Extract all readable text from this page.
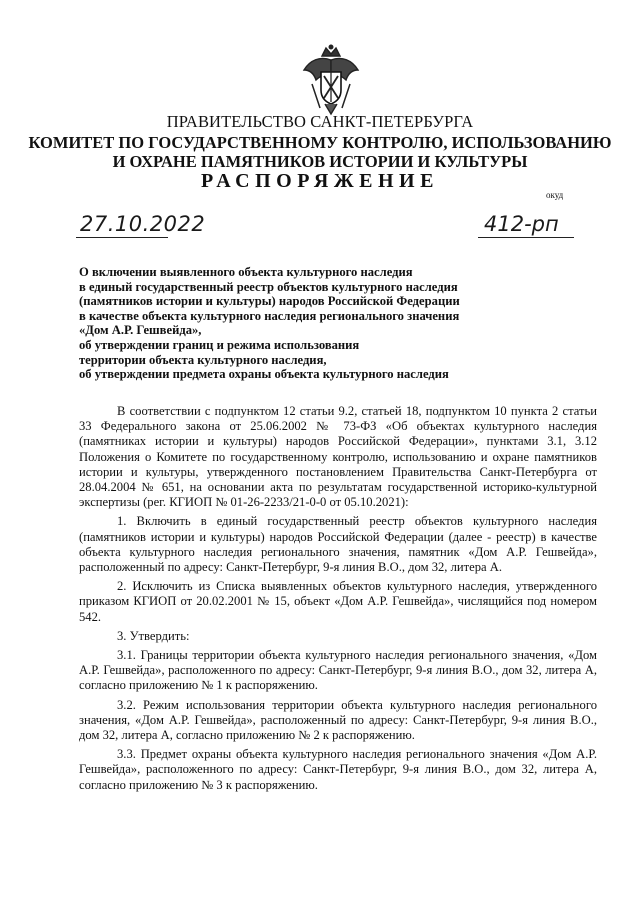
ПРАВИТЕЛЬСТВО САНКТ-ПЕТЕРБУРГА
КОМИТЕТ ПО ГОСУДАРСТВЕННОМУ КОНТРОЛЮ, ИСПОЛЬЗОВАНИЮ
И ОХРАНЕ ПАМЯТНИКОВ ИСТОРИИ И КУЛЬТУРЫ
РАСПОРЯЖЕНИЕ
окуд
27.10.2022	412-рп
О включении выявленного объекта культурного наследия
в единый государственный реестр объектов культурного наследия
(памятников истории и культуры) народов Российской Федерации
в качестве объекта культурного наследия регионального значения
«Дом А.Р. Гешвейда»,
об утверждении границ и режима использования
территории объекта культурного наследия,
об утверждении предмета охраны объекта культурного наследия

В соответствии с подпунктом 12 статьи 9.2, статьей 18, подпунктом 10 пункта 2 статьи 33 Федерального закона от 25.06.2002 № 73-ФЗ «Об объектах культурного наследия (памятниках истории и культуры) народов Российской Федерации», пунктами 3.1, 3.12 Положения о Комитете по государственному контролю, использованию и охране памятников истории и культуры, утвержденного постановлением Правительства Санкт-Петербурга от 28.04.2004 № 651, на основании акта по результатам государственной историко-культурной экспертизы (рег. КГИОП № 01-26-2233/21-0-0 от 05.10.2021):

1. Включить в единый государственный реестр объектов культурного наследия (памятников истории и культуры) народов Российской Федерации (далее - реестр) в качестве объекта культурного наследия регионального значения, памятник «Дом А.Р. Гешвейда», расположенный по адресу: Санкт-Петербург, 9-я линия В.О., дом 32, литера А.

2. Исключить из Списка выявленных объектов культурного наследия, утвержденного приказом КГИОП от 20.02.2001 № 15, объект «Дом А.Р. Гешвейда», числящийся под номером 542.

3. Утвердить:

3.1. Границы территории объекта культурного наследия регионального значения, «Дом А.Р. Гешвейда», расположенного по адресу: Санкт-Петербург, 9-я линия В.О., дом 32, литера А, согласно приложению № 1 к распоряжению.

3.2. Режим использования территории объекта культурного наследия регионального значения, «Дом А.Р. Гешвейда», расположенный по адресу: Санкт-Петербург, 9-я линия В.О., дом 32, литера А, согласно приложению № 2 к распоряжению.

3.3. Предмет охраны объекта культурного наследия регионального значения «Дом А.Р. Гешвейда», расположенного по адресу: Санкт-Петербург, 9-я линия В.О., дом 32, литера А, согласно приложению № 3 к распоряжению.
